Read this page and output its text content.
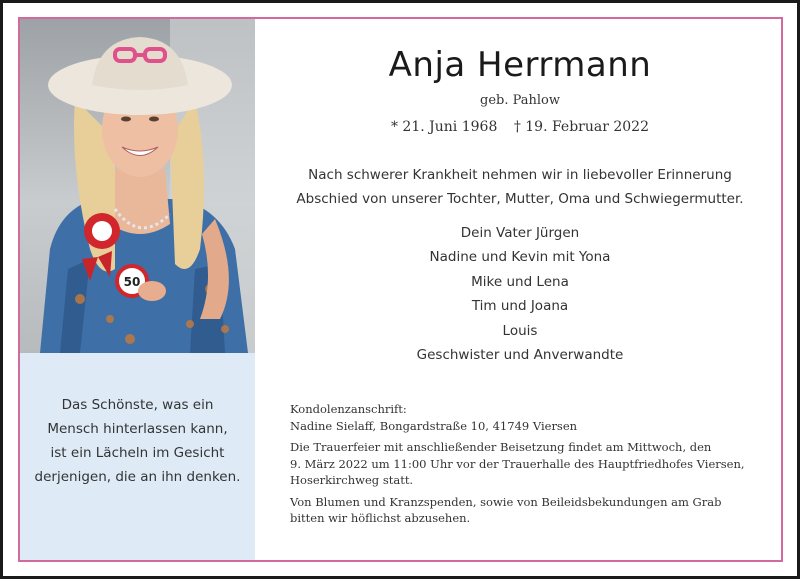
50
Das Schönste, was ein
Mensch hinterlassen kann,
ist ein Lächeln im Gesicht
derjenigen, die an ihn denken.
Anja Herrmann
geb. Pahlow
* 21. Juni 1968 † 19. Februar 2022
Nach schwerer Krankheit nehmen wir in liebevoller Erinnerung
Abschied von unserer Tochter, Mutter, Oma und Schwiegermutter.
Dein Vater Jürgen
Nadine und Kevin mit Yona
Mike und Lena
Tim und Joana
Louis
Geschwister und Anverwandte

Kondolenzanschrift:
Nadine Sielaff, Bongardstraße 10, 41749 Viersen

Die Trauerfeier mit anschließender Beisetzung findet am Mittwoch, den
9. März 2022 um 11:00 Uhr vor der Trauerhalle des Hauptfriedhofes Viersen,
Hoserkirchweg statt.

Von Blumen und Kranzspenden, sowie von Beileidsbekundungen am Grab
bitten wir höflichst abzusehen.
